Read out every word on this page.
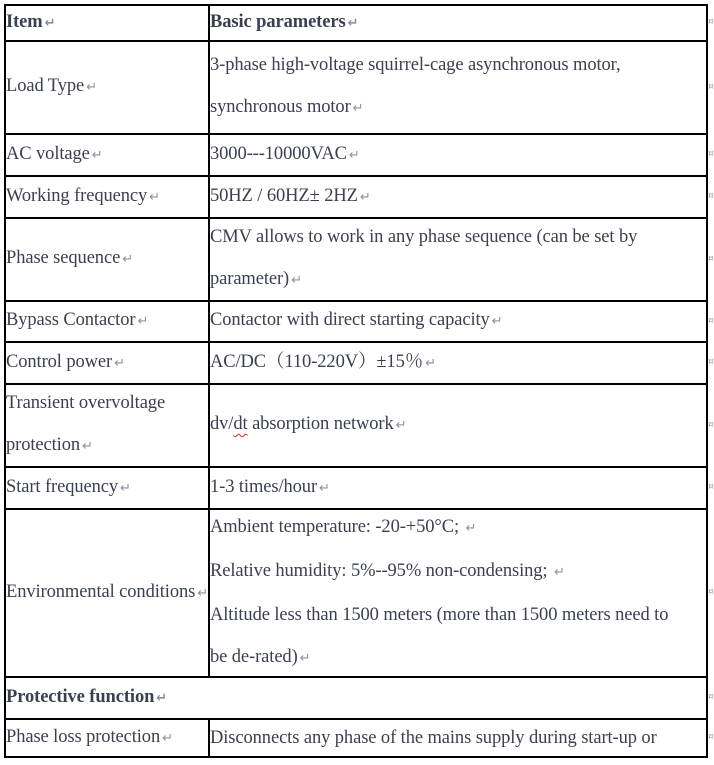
Item ↵	Basic parameters ↵

Load Type ↵	3-phase high-voltage squirrel-cage asynchronous motor,

synchronous motor ↵

AC voltage ↵	3000---10000VAC ↵

Working frequency ↵	50HZ / 60HZ± 2HZ ↵

Phase sequence ↵	CMV allows to work in any phase sequence (can be set by

parameter) ↵

Bypass Contactor ↵	Contactor with direct starting capacity ↵

Control power ↵	AC/DC（110-220V）±15％ ↵

Transient overvoltage

protection ↵	dv/dt absorption network ↵

Start frequency ↵	1-3 times/hour ↵

Environmental conditions ↵	Ambient temperature: -20-+50°C; ↵

Relative humidity: 5%--95% non-condensing; ↵

Altitude less than 1500 meters (more than 1500 meters need to

be de-rated) ↵

Protective function ↵	

Phase loss protection ↵	Disconnects any phase of the mains supply during start-up or

¤
¤
¤
¤
¤
¤
¤
¤
¤
¤
¤
¤
